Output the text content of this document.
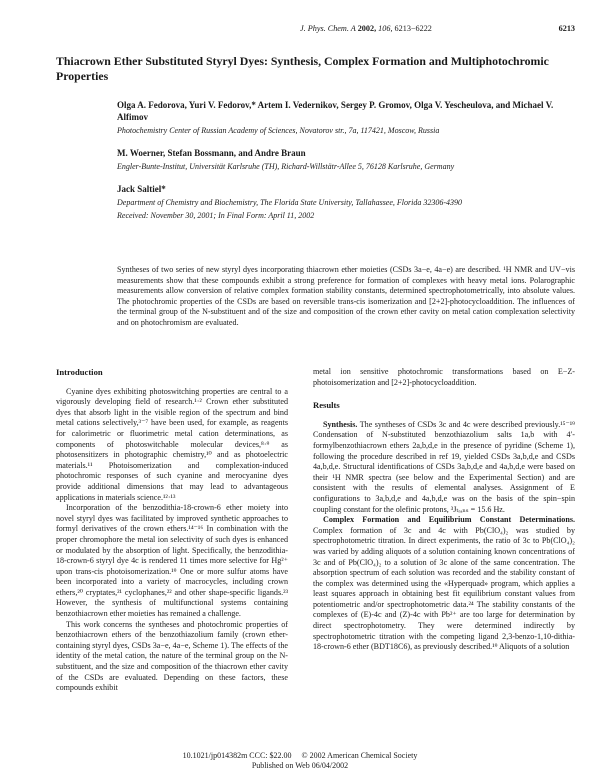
J. Phys. Chem. A 2002, 106, 6213−6222	6213
Thiacrown Ether Substituted Styryl Dyes: Synthesis, Complex Formation and Multiphotochromic Properties
Olga A. Fedorova, Yuri V. Fedorov,* Artem I. Vedernikov, Sergey P. Gromov, Olga V. Yescheulova, and Michael V. Alfimov
Photochemistry Center of Russian Academy of Sciences, Novatorov str., 7a, 117421, Moscow, Russia
M. Woerner, Stefan Bossmann, and Andre Braun
Engler-Bunte-Institut, Universität Karlsruhe (TH), Richard-Willstätr-Allee 5, 76128 Karlsruhe, Germany
Jack Saltiel*
Department of Chemistry and Biochemistry, The Florida State University, Tallahassee, Florida 32306-4390
Received: November 30, 2001; In Final Form: April 11, 2002
Syntheses of two series of new styryl dyes incorporating thiacrown ether moieties (CSDs 3a−e, 4a−e) are described. ¹H NMR and UV−vis measurements show that these compounds exhibit a strong preference for formation of complexes with heavy metal ions. Polarographic measurements allow conversion of relative complex formation stability constants, determined spectrophotometrically, into absolute values. The photochromic properties of the CSDs are based on reversible trans-cis isomerization and [2+2]-photocycloaddition. The influences of the terminal group of the N-substituent and of the size and composition of the crown ether cavity on metal cation complexation selectivity and on photochromism are evaluated.
Introduction

Cyanine dyes exhibiting photoswitching properties are central to a vigorously developing field of research.¹·² Crown ether substituted dyes that absorb light in the visible region of the spectrum and bind metal cations selectively,³⁻⁷ have been used, for example, as reagents for calorimetric or fluorimetric metal cation determinations, as components of photoswitchable molecular devices,⁸·⁹ as photosensitizers in photographic chemistry,¹⁰ and as photoelectric materials.¹¹ Photoisomerization and complexation-induced photochromic responses of such cyanine and merocyanine dyes provide additional dimensions that may lead to advantageous applications in materials science.¹²·¹³

Incorporation of the benzodithia-18-crown-6 ether moiety into novel styryl dyes was facilitated by improved synthetic approaches to formyl derivatives of the crown ethers.¹⁴⁻¹⁶ In combination with the proper chromophore the metal ion selectivity of such dyes is enhanced or modulated by the absorption of light. Specifically, the benzodithia-18-crown-6 styryl dye 4c is rendered 11 times more selective for Hg²⁺ upon trans-cis photoisomerization.¹⁹ One or more sulfur atoms have been incorporated into a variety of macrocycles, including crown ethers,²⁰ cryptates,²¹ cyclophanes,²² and other shape-specific ligands.²³ However, the synthesis of multifunctional systems containing benzothiacrown ether moieties has remained a challenge.

This work concerns the syntheses and photochromic properties of benzothiacrown ethers of the benzothiazolium family (crown ether-containing styryl dyes, CSDs 3a−e, 4a−e, Scheme 1). The effects of the identity of the metal cation, the nature of the terminal group on the N-substituent, and the size and composition of the thiacrown ether cavity of the CSDs are evaluated. Depending on these factors, these compounds exhibit

metal ion sensitive photochromic transformations based on E−Z-photoisomerization and [2+2]-photocycloaddition.

Results

Synthesis. The syntheses of CSDs 3c and 4c were described previously.¹⁵⁻¹⁹ Condensation of N-substituted benzothiazolium salts 1a,b with 4′-formylbenzothiacrown ethers 2a,b,d,e in the presence of pyridine (Scheme 1), following the procedure described in ref 19, yielded CSDs 3a,b,d,e and CSDs 4a,b,d,e. Structural identifications of CSDs 3a,b,d,e and 4a,b,d,e were based on their ¹H NMR spectra (see below and the Experimental Section) and are consistent with the results of elemental analyses. Assignment of E configurations to 3a,b,d,e and 4a,b,d,e was on the basis of the spin−spin coupling constant for the olefinic protons, ³Jₜᵣₐₙₛ = 15.6 Hz.

Complex Formation and Equilibrium Constant Determinations. Complex formation of 3c and 4c with Pb(ClO₄)₂ was studied by spectrophotometric titration. In direct experiments, the ratio of 3c to Pb(ClO₄)₂ was varied by adding aliquots of a solution containing known concentrations of 3c and of Pb(ClO₄)₂ to a solution of 3c alone of the same concentration. The absorption spectrum of each solution was recorded and the stability constant of the complex was determined using the «Hyperquad» program, which applies a least squares approach in obtaining best fit equilibrium constant values from potentiometric and/or spectrophotometric data.²⁴ The stability constants of the complexes of (E)-4c and (Z)-4c with Pb²⁺ are too large for determination by direct spectrophotometry. They were determined indirectly by spectrophotometric titration with the competing ligand 2,3-benzo-1,10-dithia-18-crown-6 ether (BDT18C6), as previously described.¹⁹ Aliquots of a solution

10.1021/jp014382m CCC: $22.00     © 2002 American Chemical Society
Published on Web 06/04/2002
